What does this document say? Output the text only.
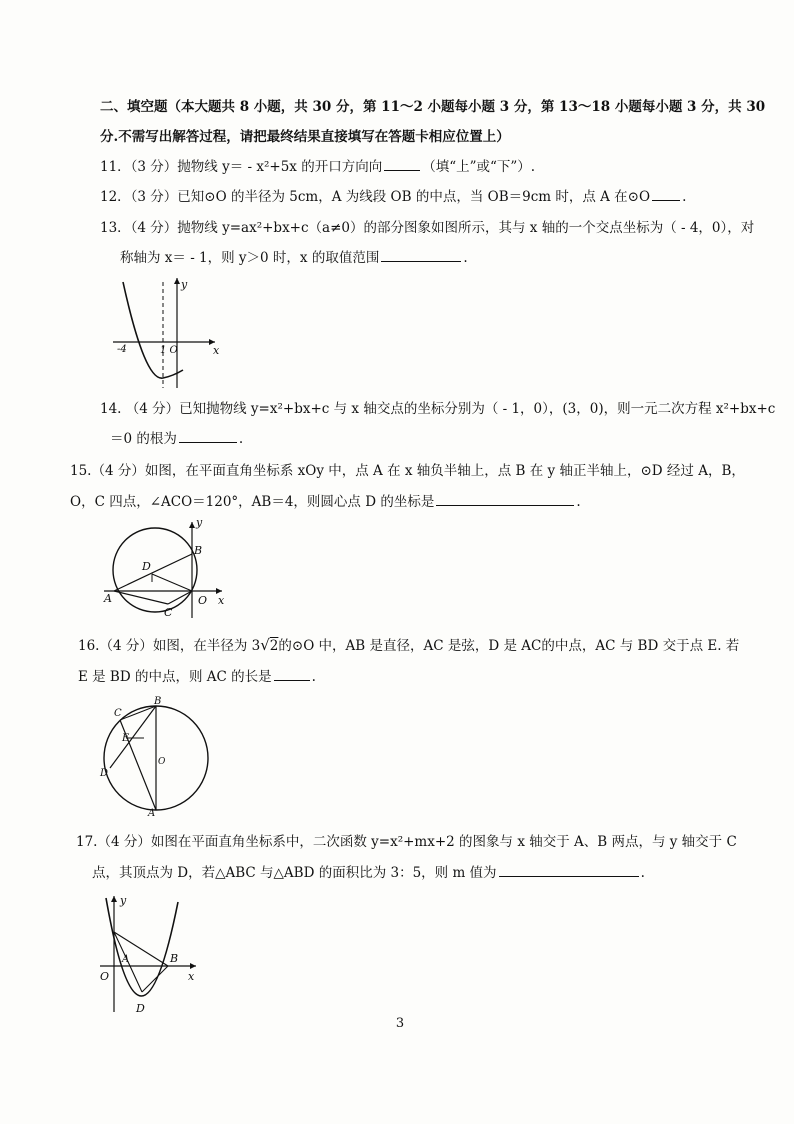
二、填空题（本大题共 8 小题，共 30 分，第 11～2 小题每小题 3 分，第 13～18 小题每小题 3 分，共 30
分.不需写出解答过程，请把最终结果直接填写在答题卡相应位置上）
11．（3 分）抛物线 y＝ - x²+5x 的开口方向向	（填“上”或“下”）.
12．（3 分）已知⊙O 的半径为 5cm，A 为线段 OB 的中点，当 OB＝9cm 时，点 A 在⊙O .
13．（4 分）抛物线 y=ax²+bx+c（a≠0）的部分图象如图所示，其与 x 轴的一个交点坐标为（ - 4，0），对
称轴为 x＝ - 1，则 y＞0 时，x 的取值范围	.
y
x
-4	1 O
14. （4 分）已知抛物线 y=x²+bx+c 与 x 轴交点的坐标分别为（ - 1，0），(3，0)，则一元二次方程 x²+bx+c
＝0 的根为	.
15.（4 分）如图，在平面直角坐标系 xOy 中，点 A 在 x 轴负半轴上，点 B 在 y 轴正半轴上，⊙D 经过 A，B，
O，C 四点，∠ACO＝120°，AB＝4，则圆心点 D 的坐标是	.
y
x
A
B
C
D
O
16.（4 分）如图，在半径为 3√2的⊙O 中，AB 是直径，AC 是弦，D 是 AC的中点，AC 与 BD 交于点 E. 若
E 是 BD 的中点，则 AC 的长是	.
C
B
E
D
O
A
17.（4 分）如图在平面直角坐标系中，二次函数 y=x²+mx+2 的图象与 x 轴交于 A、B 两点，与 y 轴交于 C
点，其顶点为 D，若△ABC 与△ABD 的面积比为 3：5，则 m 值为	.
y
x
O
A	B
D
3
